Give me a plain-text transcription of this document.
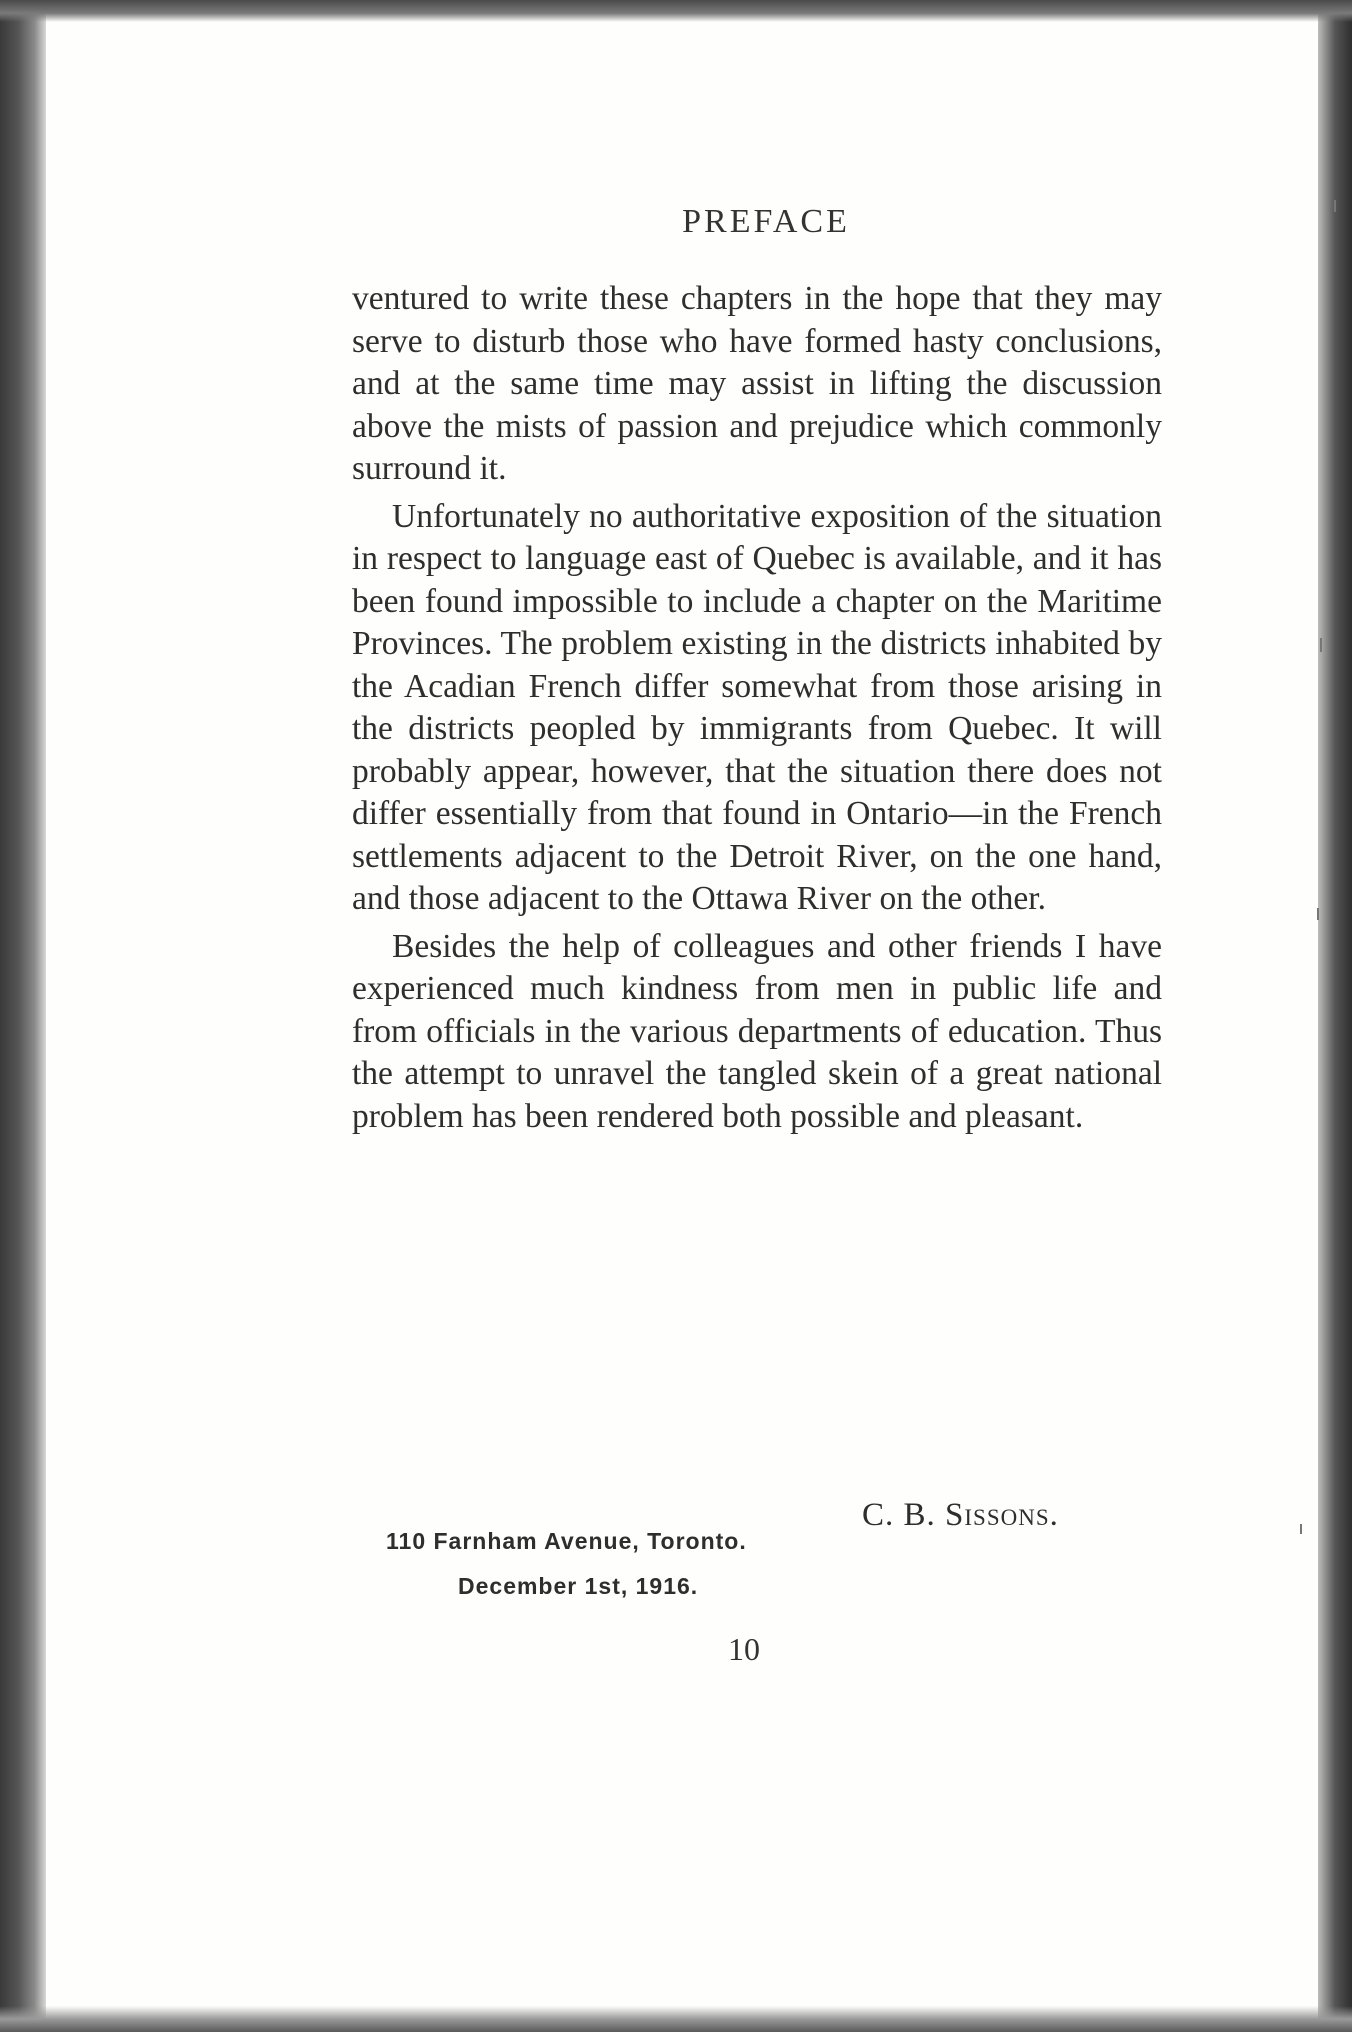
PREFACE

ventured to write these chapters in the hope that they may serve to disturb those who have formed hasty conclusions, and at the same time may assist in lifting the discussion above the mists of passion and prejudice which commonly surround it.

Unfortunately no authoritative exposition of the situation in respect to language east of Quebec is available, and it has been found impossible to include a chapter on the Maritime Provinces. The problem existing in the districts inhabited by the Acadian French differ somewhat from those arising in the districts peopled by immigrants from Quebec. It will probably appear, however, that the situation there does not differ essentially from that found in Ontario—in the French settlements adjacent to the Detroit River, on the one hand, and those adjacent to the Ottawa River on the other.

Besides the help of colleagues and other friends I have experienced much kindness from men in public life and from officials in the various departments of education. Thus the attempt to unravel the tangled skein of a great national problem has been rendered both possible and pleasant.

C. B. Sissons.
110 Farnham Avenue, Toronto.
December 1st, 1916.
10
